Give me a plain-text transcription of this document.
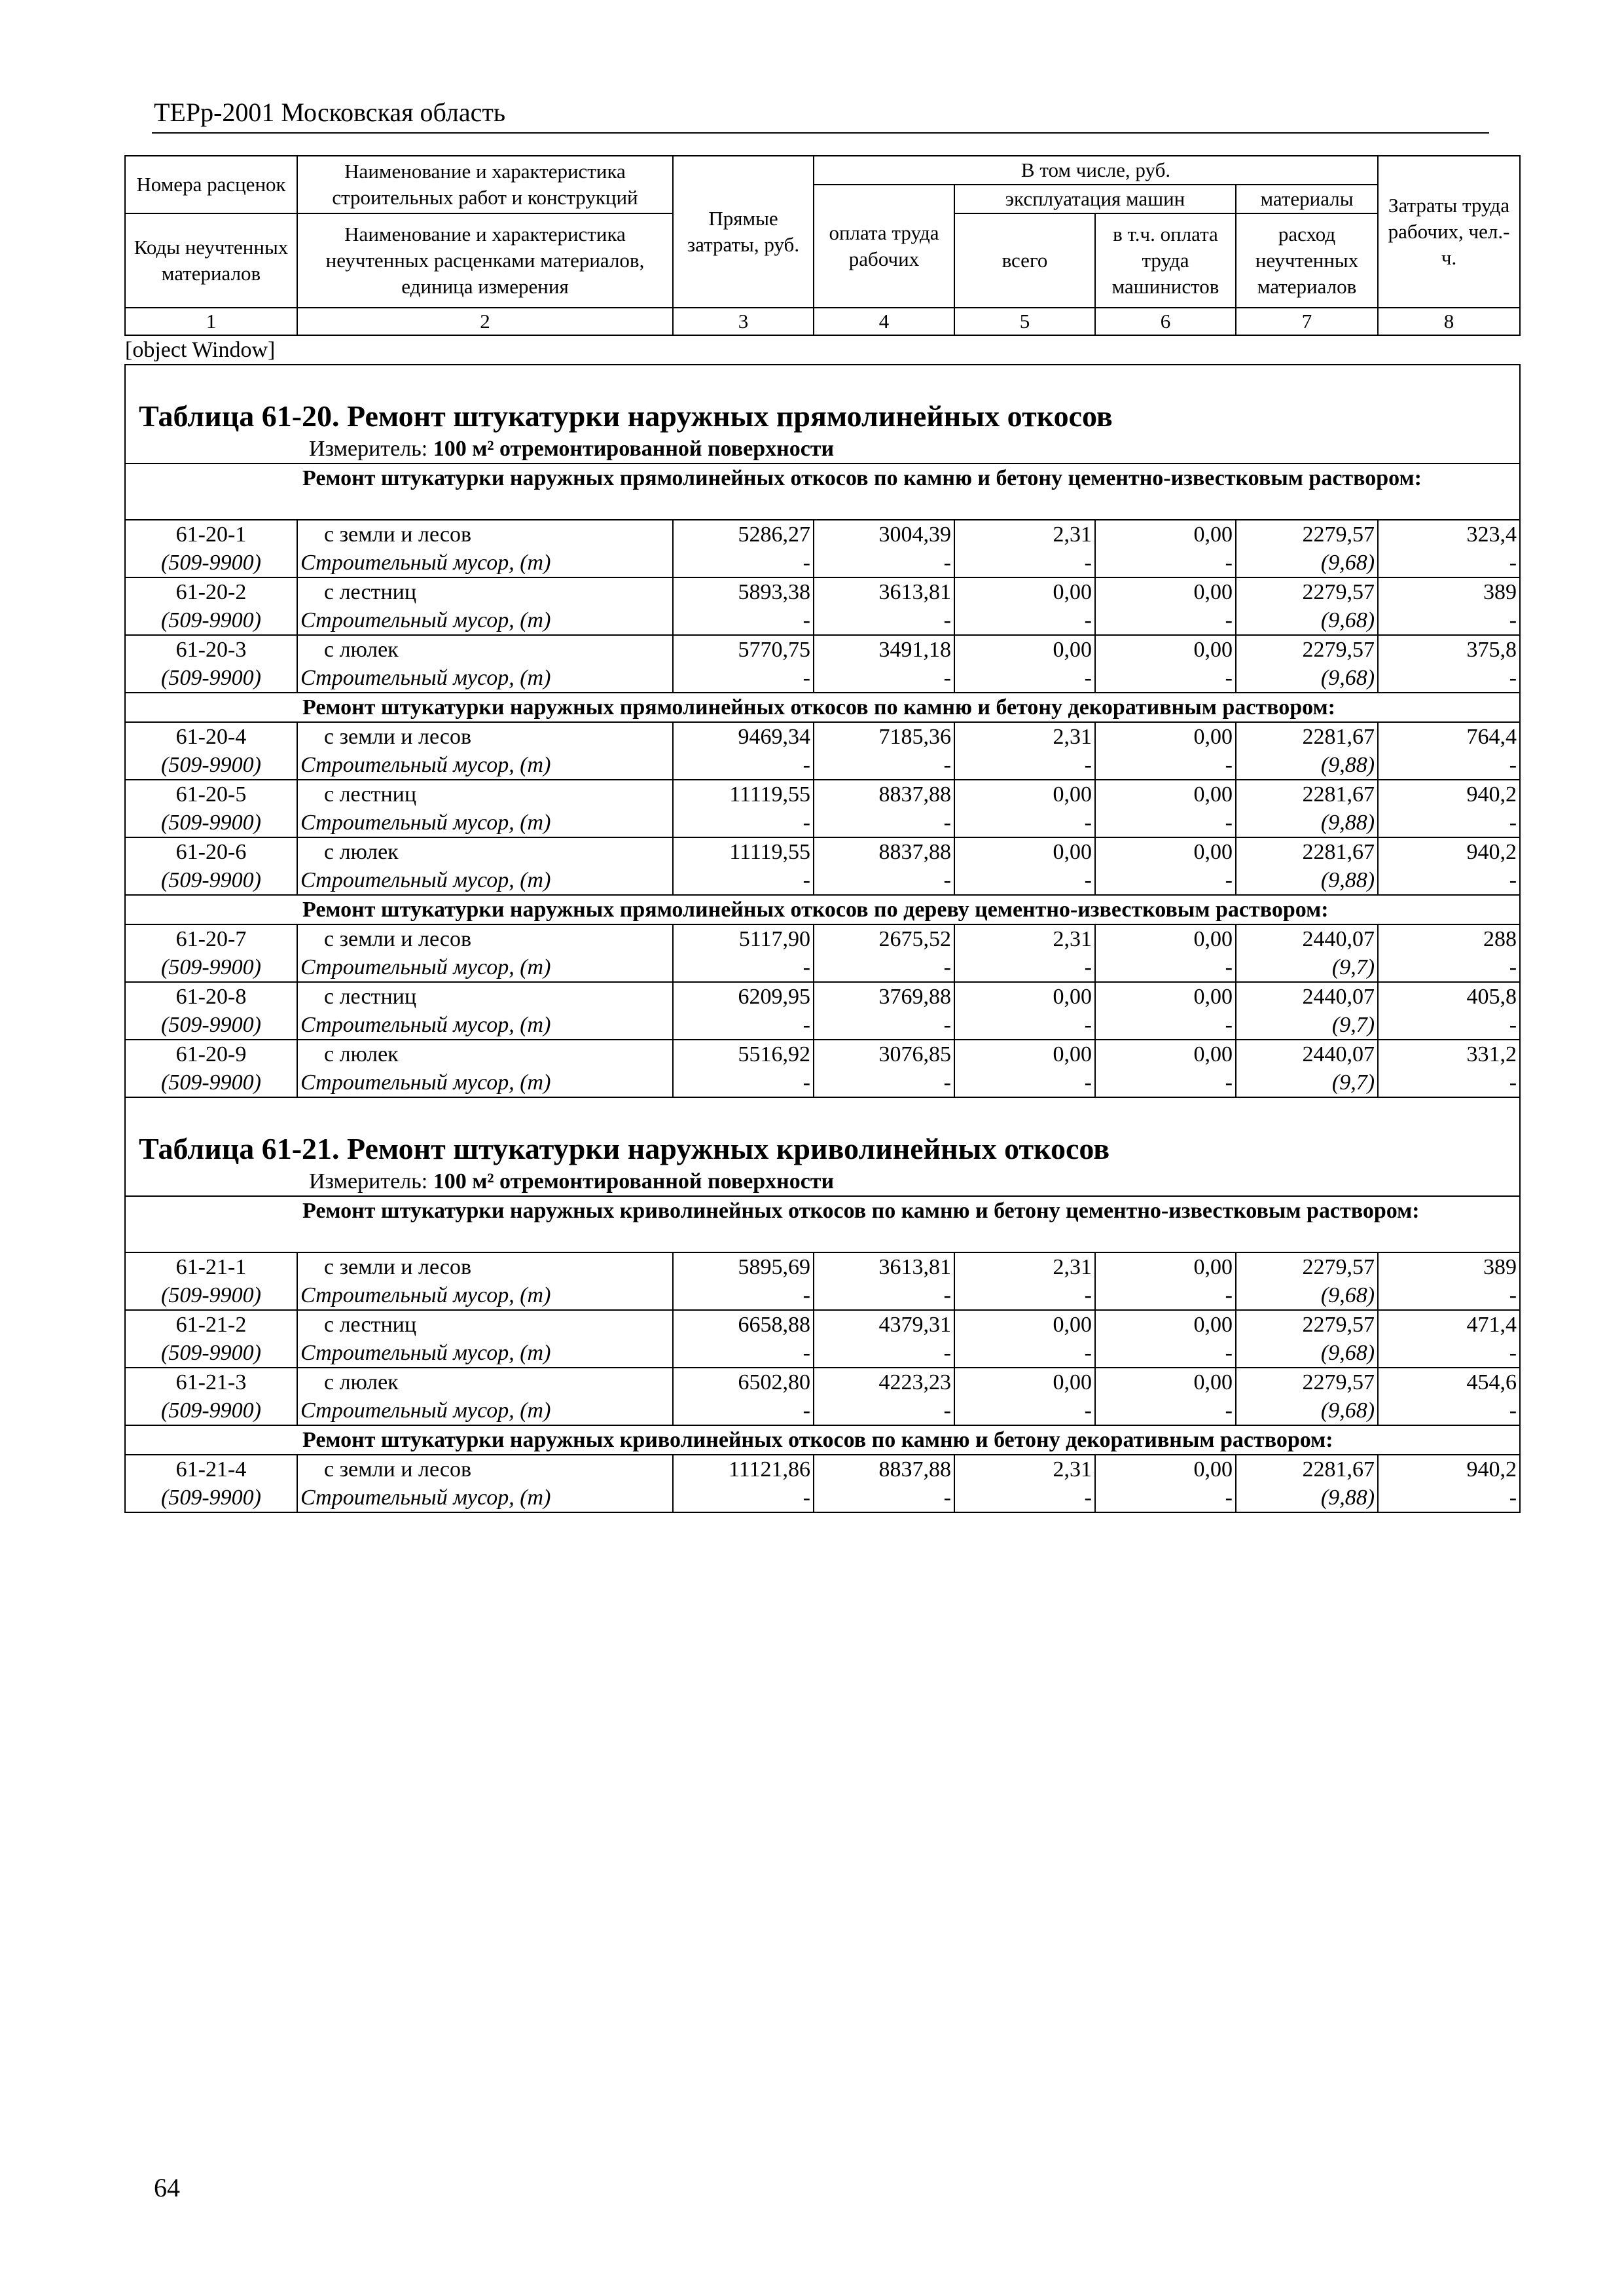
ТЕРр-2001 Московская область
Номера расценок	Наименование и характеристика строительных работ и конструкций	Прямые затраты, руб.	В том числе, руб.				Затраты труда рабочих, чел.-ч.
			оплата труда рабочих	эксплуатация машин		материалы	
Коды неучтенных материалов	Наименование и характеристика неучтенных расценками материалов, единица измерения			всего	в т.ч. оплата труда машинистов	расход неучтенных материалов	

1	2	3	4	5	6	7	8
[object Window]Таблица 61-20. Ремонт штукатурки наружных прямолинейных откосов							
Измеритель: 100 м² отремонтированной поверхности							
Ремонт штукатурки наружных прямолинейных откосов по камню и бетону цементно-известковым раствором:							
61-20-1	с земли и лесов	5286,27	3004,39	2,31	0,00	2279,57	323,4
(509-9900)	Строительный мусор, (т)	-	-	-	-	(9,68)	-
61-20-2	с лестниц	5893,38	3613,81	0,00	0,00	2279,57	389
(509-9900)	Строительный мусор, (т)	-	-	-	-	(9,68)	-
61-20-3	с люлек	5770,75	3491,18	0,00	0,00	2279,57	375,8
(509-9900)	Строительный мусор, (т)	-	-	-	-	(9,68)	-
Ремонт штукатурки наружных прямолинейных откосов по камню и бетону декоративным раствором:							
61-20-4	с земли и лесов	9469,34	7185,36	2,31	0,00	2281,67	764,4
(509-9900)	Строительный мусор, (т)	-	-	-	-	(9,88)	-
61-20-5	с лестниц	11119,55	8837,88	0,00	0,00	2281,67	940,2
(509-9900)	Строительный мусор, (т)	-	-	-	-	(9,88)	-
61-20-6	с люлек	11119,55	8837,88	0,00	0,00	2281,67	940,2
(509-9900)	Строительный мусор, (т)	-	-	-	-	(9,88)	-
Ремонт штукатурки наружных прямолинейных откосов по дереву цементно-известковым раствором:							
61-20-7	с земли и лесов	5117,90	2675,52	2,31	0,00	2440,07	288
(509-9900)	Строительный мусор, (т)	-	-	-	-	(9,7)	-
61-20-8	с лестниц	6209,95	3769,88	0,00	0,00	2440,07	405,8
(509-9900)	Строительный мусор, (т)	-	-	-	-	(9,7)	-
61-20-9	с люлек	5516,92	3076,85	0,00	0,00	2440,07	331,2
(509-9900)	Строительный мусор, (т)	-	-	-	-	(9,7)	-
Таблица 61-21. Ремонт штукатурки наружных криволинейных откосов							
Измеритель: 100 м² отремонтированной поверхности							
Ремонт штукатурки наружных криволинейных откосов по камню и бетону цементно-известковым раствором:							
61-21-1	с земли и лесов	5895,69	3613,81	2,31	0,00	2279,57	389
(509-9900)	Строительный мусор, (т)	-	-	-	-	(9,68)	-
61-21-2	с лестниц	6658,88	4379,31	0,00	0,00	2279,57	471,4
(509-9900)	Строительный мусор, (т)	-	-	-	-	(9,68)	-
61-21-3	с люлек	6502,80	4223,23	0,00	0,00	2279,57	454,6
(509-9900)	Строительный мусор, (т)	-	-	-	-	(9,68)	-
Ремонт штукатурки наружных криволинейных откосов по камню и бетону декоративным раствором:							
61-21-4	с земли и лесов	11121,86	8837,88	2,31	0,00	2281,67	940,2
(509-9900)	Строительный мусор, (т)	-	-	-	-	(9,88)	-
64
